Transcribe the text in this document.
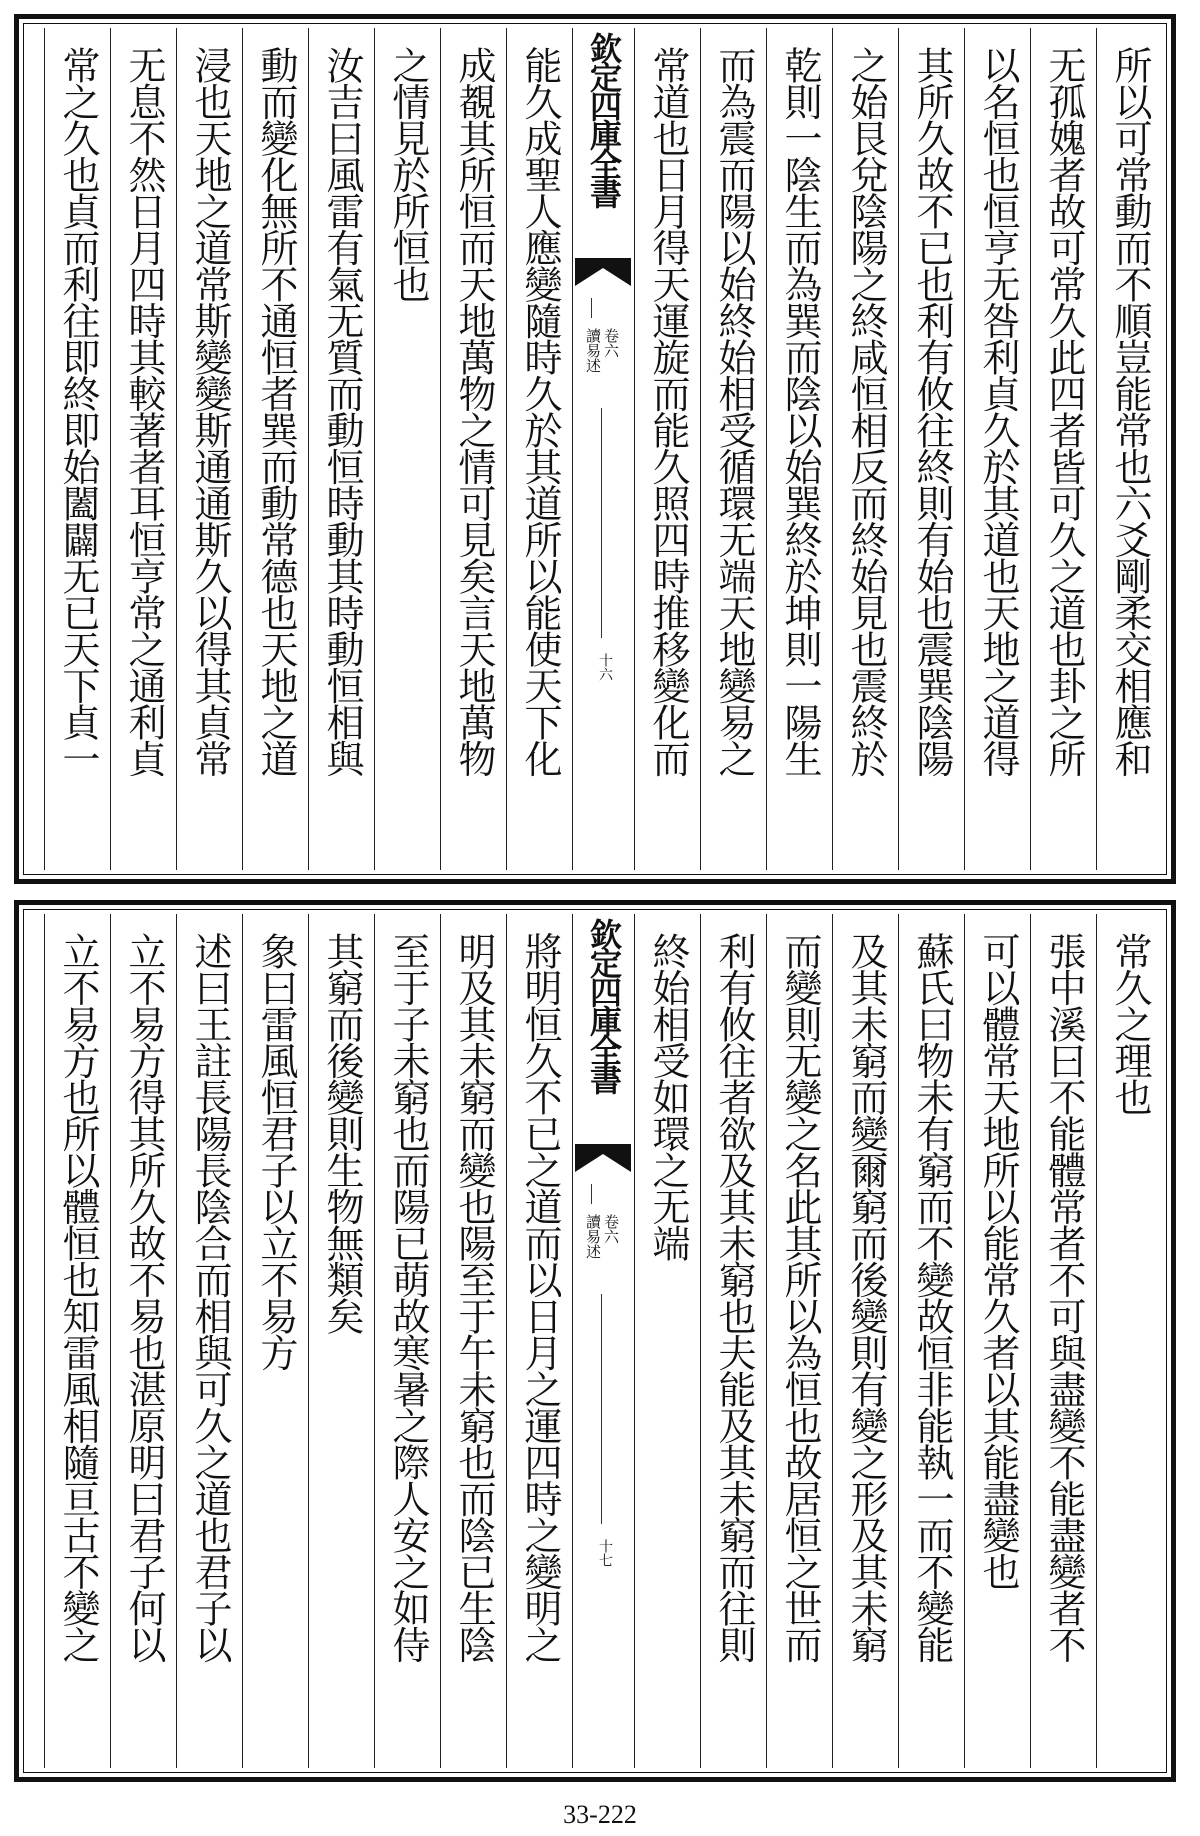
所以可常動而不順豈能常也六爻剛柔交相應和
无孤媿者故可常久此四者皆可久之道也卦之所
以名恒也恒亨无咎利貞久於其道也天地之道得
其所久故不已也利有攸往終則有始也震巽陰陽
之始艮兌陰陽之終咸恒相反而終始見也震終於
乾則一陰生而為巽而陰以始巽終於坤則一陽生
而為震而陽以始終始相受循環无端天地變易之
常道也日月得天運旋而能久照四時推移變化而
欽定四庫全書
讀易述 卷六
十六
能久成聖人應變隨時久於其道所以能使天下化
成覩其所恒而天地萬物之情可見矣言天地萬物
之情見於所恒也
汝吉曰風雷有氣无質而動恒時動其時動恒相與
動而變化無所不通恒者巽而動常德也天地之道
浸也天地之道常斯變變斯通通斯久以得其貞常
无息不然日月四時其較著者耳恒亨常之通利貞
常之久也貞而利往即終即始闔闢无已天下貞一
常久之理也
張中溪曰不能體常者不可與盡變不能盡變者不
可以體常天地所以能常久者以其能盡變也
蘇氏曰物未有窮而不變故恒非能執一而不變能
及其未窮而變爾窮而後變則有變之形及其未窮
而變則无變之名此其所以為恒也故居恒之世而
利有攸往者欲及其未窮也夫能及其未窮而往則
終始相受如環之无端
欽定四庫全書
讀易述 卷六
十七
將明恒久不已之道而以日月之運四時之變明之
明及其未窮而變也陽至于午未窮也而陰已生陰
至于子未窮也而陽已萌故寒暑之際人安之如侍
其窮而後變則生物無類矣
象曰雷風恒君子以立不易方
述曰王註長陽長陰合而相與可久之道也君子以
立不易方得其所久故不易也湛原明曰君子何以
立不易方也所以體恒也知雷風相隨亘古不變之
33-222
